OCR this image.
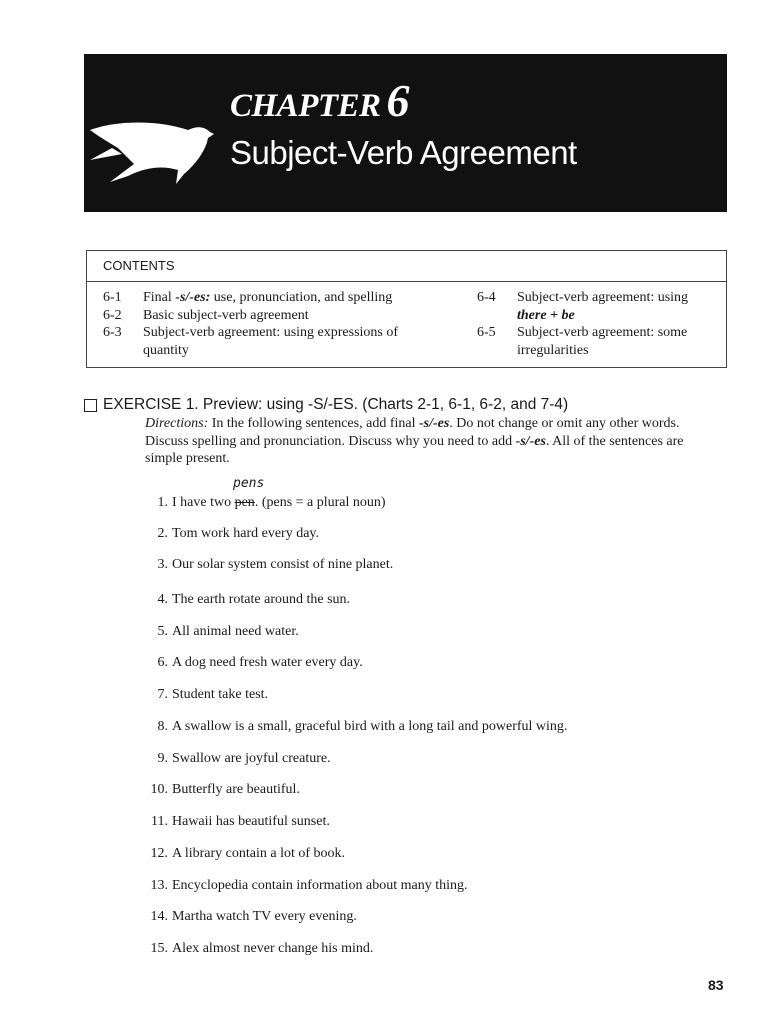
CHAPTER 6
Subject-Verb Agreement
CONTENTS
6-1	Final -s/-es: use, pronunciation, and spelling
6-2	Basic subject-verb agreement
6-3	Subject-verb agreement: using expressions of quantity
6-4	Subject-verb agreement: using there + be
6-5	Subject-verb agreement: some irregularities
EXERCISE 1. Preview: using -S/-ES. (Charts 2-1, 6-1, 6-2, and 7-4)
Directions: In the following sentences, add final -s/-es. Do not change or omit any other words. Discuss spelling and pronunciation. Discuss why you need to add -s/-es. All of the sentences are simple present.
pens
1. I have two pen. (pens = a plural noun)
2. Tom work hard every day.
3. Our solar system consist of nine planet.
4. The earth rotate around the sun.
5. All animal need water.
6. A dog need fresh water every day.
7. Student take test.
8. A swallow is a small, graceful bird with a long tail and powerful wing.
9. Swallow are joyful creature.
10. Butterfly are beautiful.
11. Hawaii has beautiful sunset.
12. A library contain a lot of book.
13. Encyclopedia contain information about many thing.
14. Martha watch TV every evening.
15. Alex almost never change his mind.
83
